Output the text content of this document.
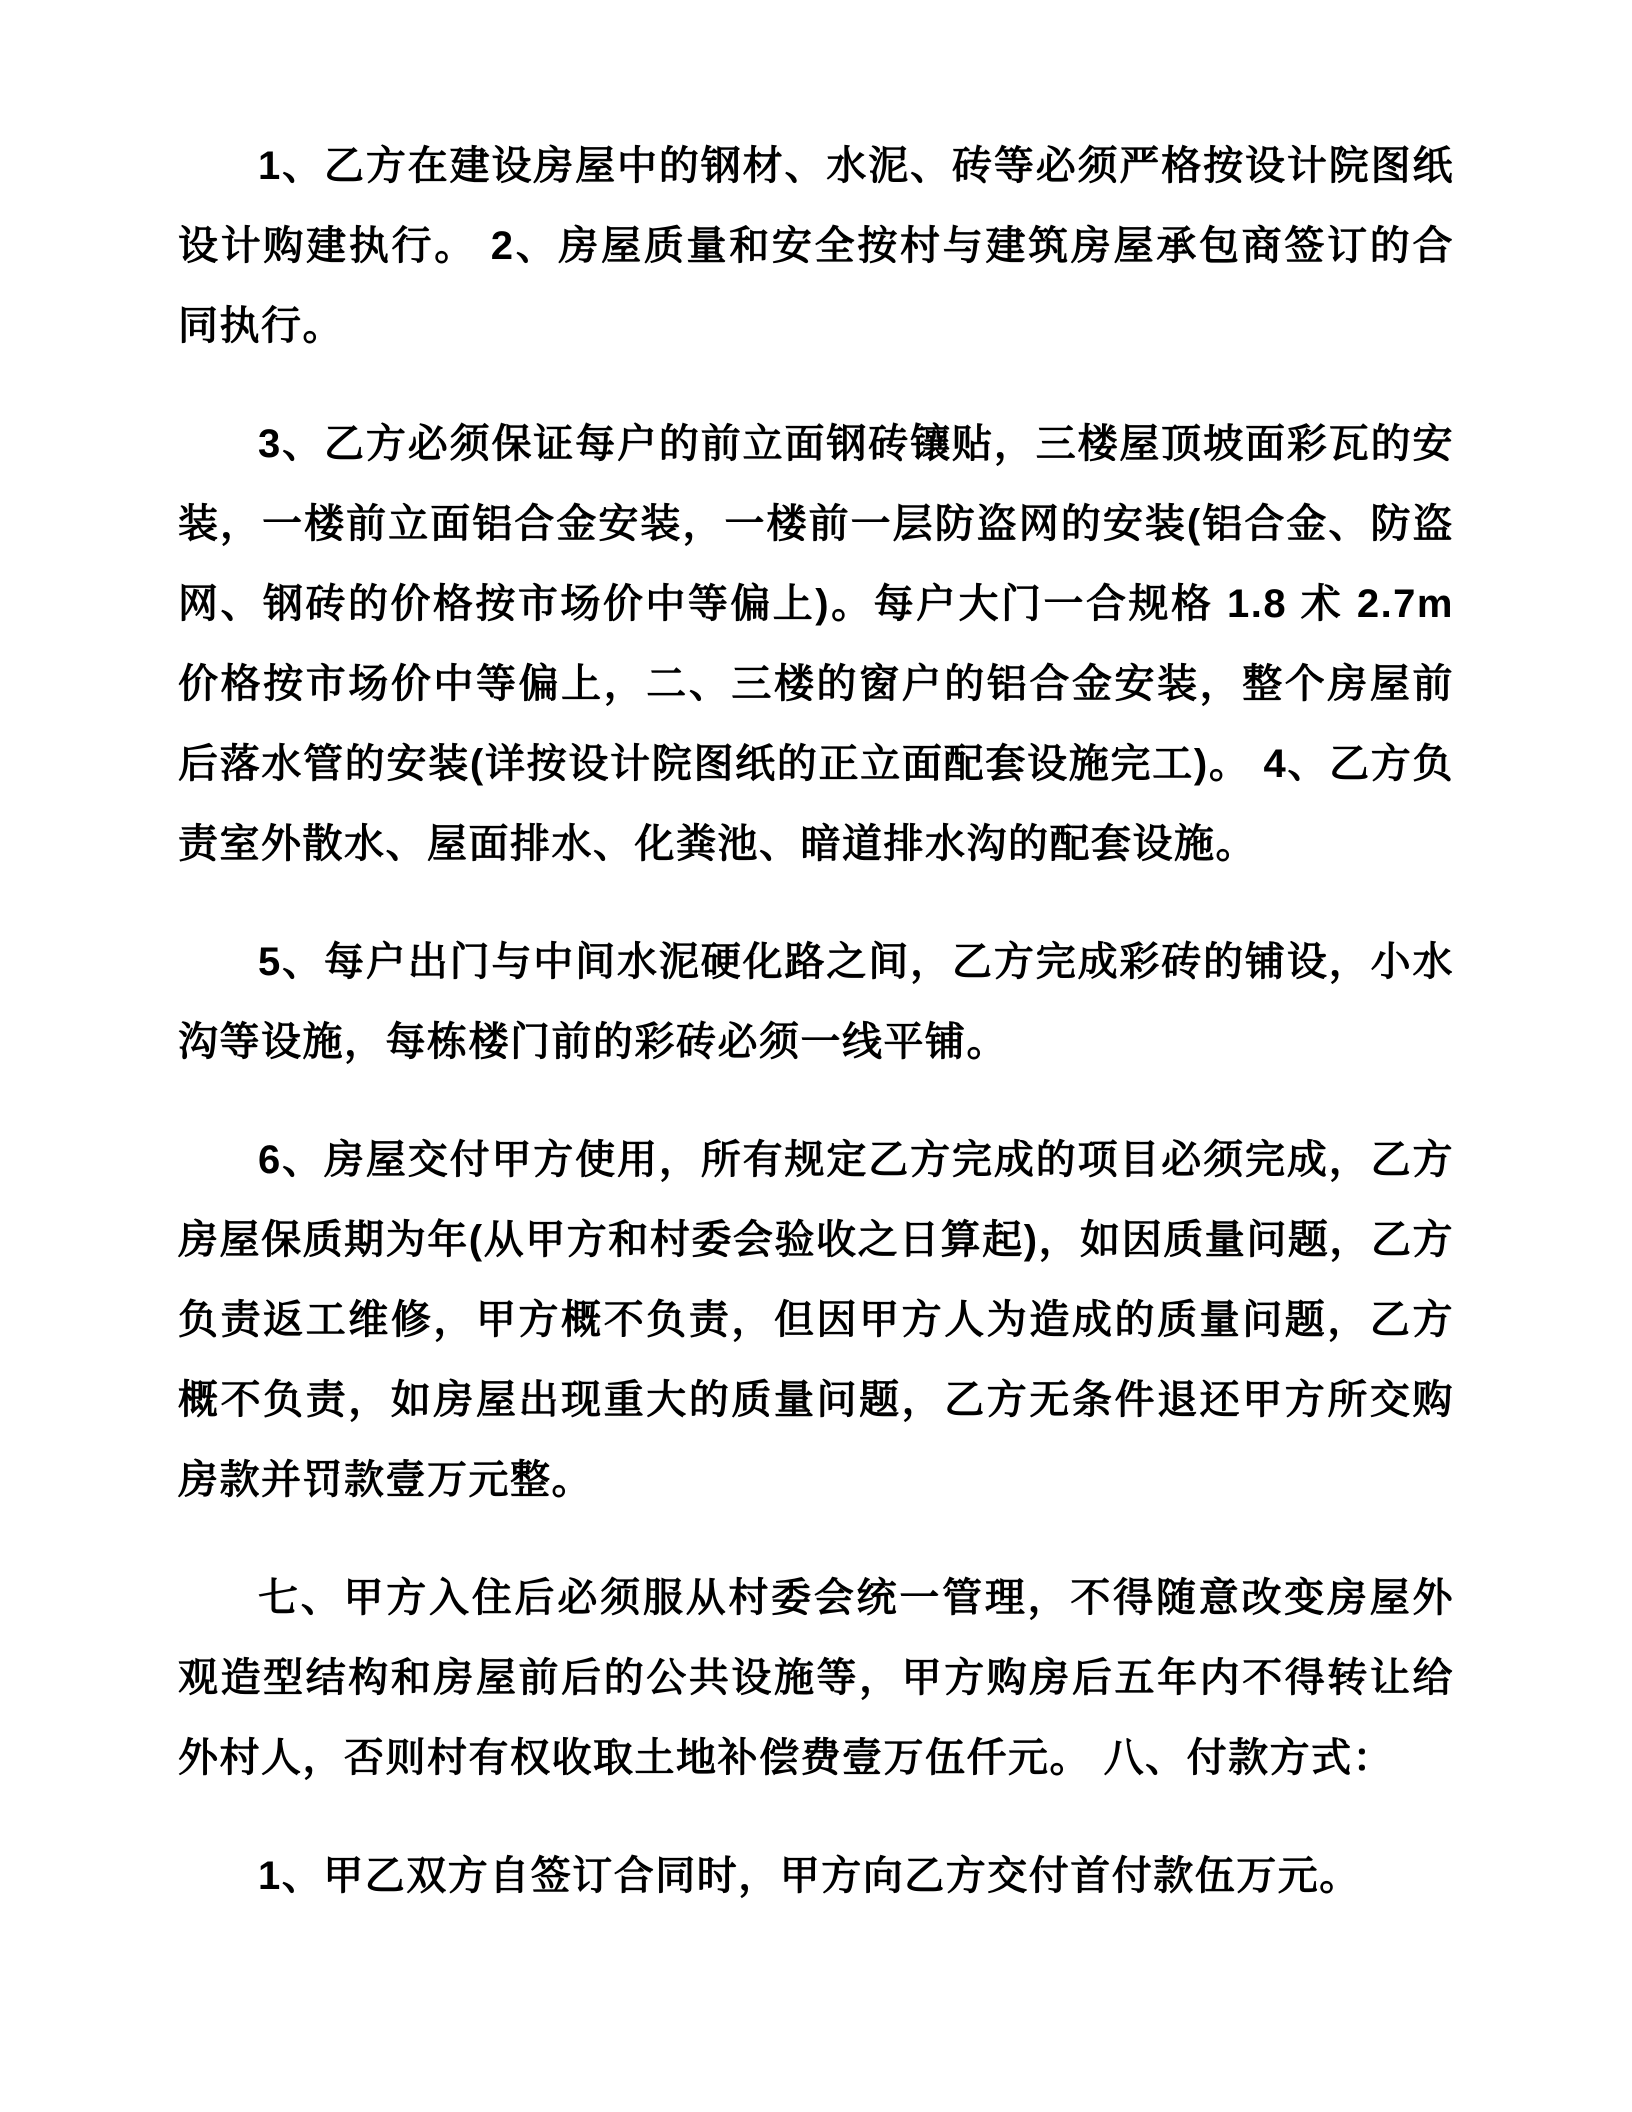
1、乙方在建设房屋中的钢材、水泥、砖等必须严格按设计院图纸设计购建执行。 2、房屋质量和安全按村与建筑房屋承包商签订的合同执行。

3、乙方必须保证每户的前立面钢砖镶贴，三楼屋顶坡面彩瓦的安装，一楼前立面铝合金安装，一楼前一层防盗网的安装(铝合金、防盗网、钢砖的价格按市场价中等偏上)。每户大门一合规格 1.8 术 2.7m 价格按市场价中等偏上，二、三楼的窗户的铝合金安装，整个房屋前后落水管的安装(详按设计院图纸的正立面配套设施完工)。 4、乙方负责室外散水、屋面排水、化粪池、暗道排水沟的配套设施。

5、每户出门与中间水泥硬化路之间，乙方完成彩砖的铺设，小水沟等设施，每栋楼门前的彩砖必须一线平铺。

6、房屋交付甲方使用，所有规定乙方完成的项目必须完成，乙方房屋保质期为年(从甲方和村委会验收之日算起)，如因质量问题，乙方负责返工维修，甲方概不负责，但因甲方人为造成的质量问题，乙方概不负责，如房屋出现重大的质量问题，乙方无条件退还甲方所交购房款并罚款壹万元整。

七、甲方入住后必须服从村委会统一管理，不得随意改变房屋外观造型结构和房屋前后的公共设施等，甲方购房后五年内不得转让给外村人，否则村有权收取土地补偿费壹万伍仟元。 八、付款方式：

1、甲乙双方自签订合同时，甲方向乙方交付首付款伍万元。
